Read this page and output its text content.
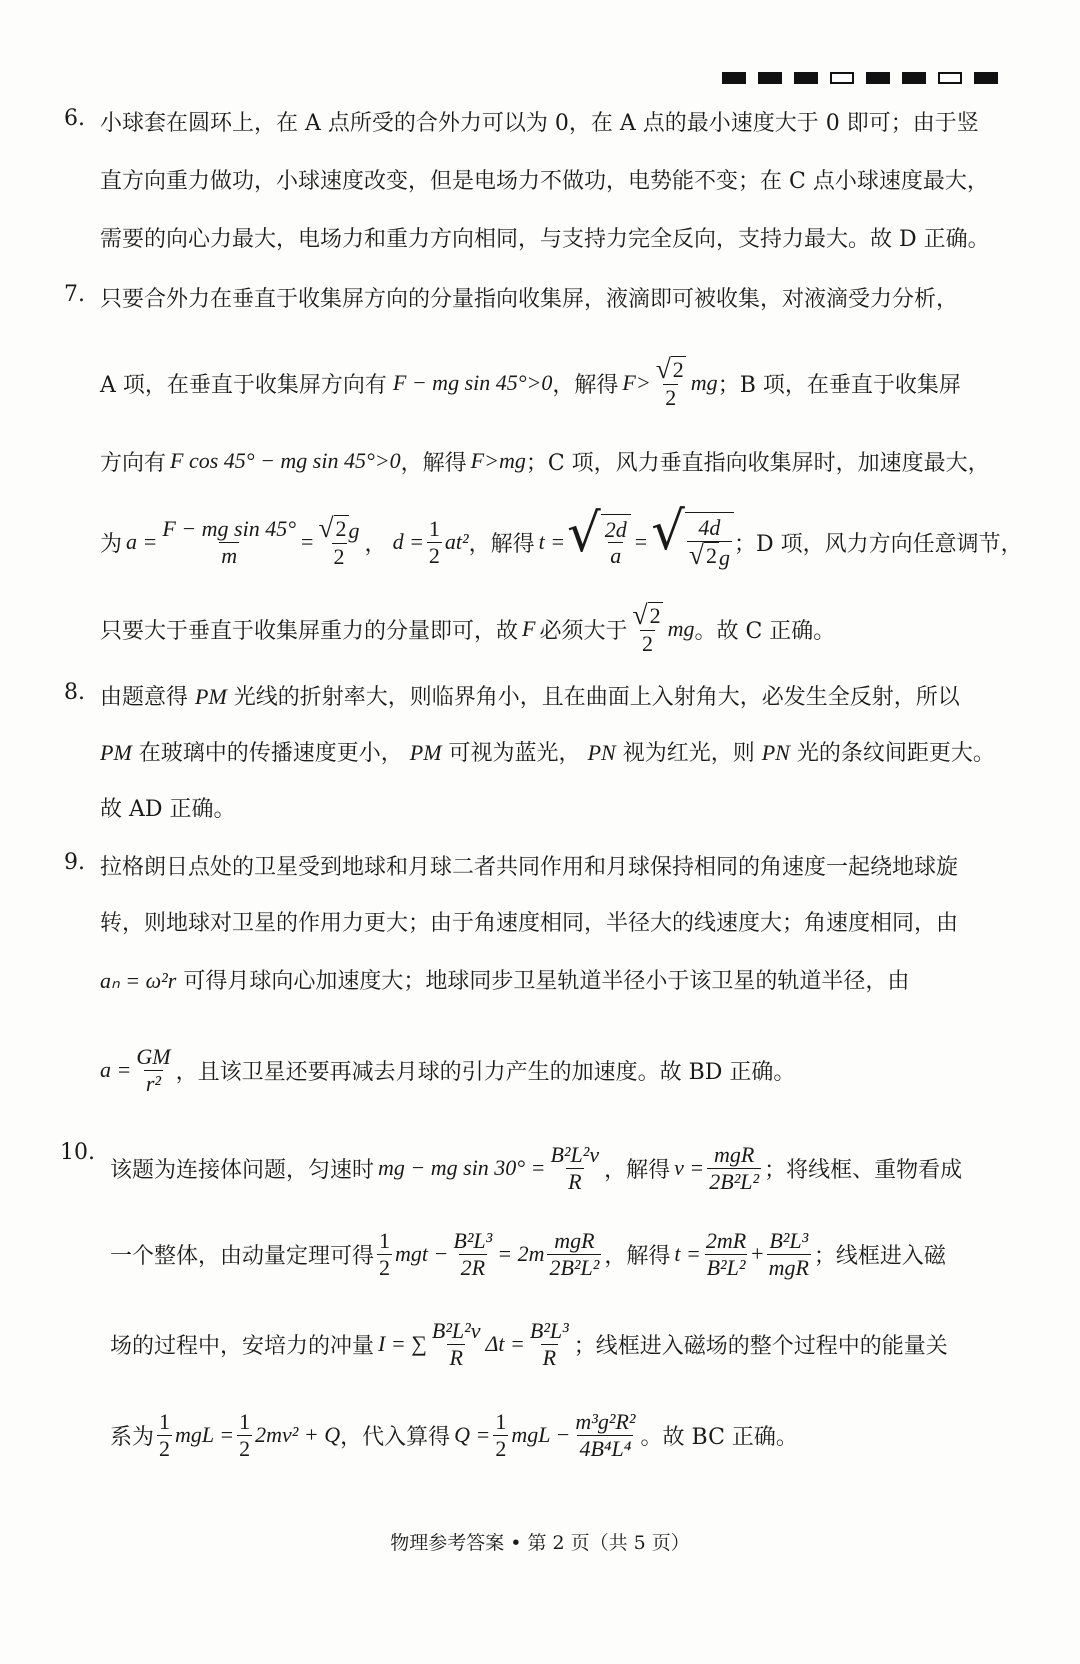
6. 小球套在圆环上，在 A 点所受的合外力可以为 0，在 A 点的最小速度大于 0 即可；由于竖
直方向重力做功，小球速度改变，但是电场力不做功，电势能不变；在 C 点小球速度最大，
需要的向心力最大，电场力和重力方向相同，与支持力完全反向，支持力最大。故 D 正确。
7. 只要合外力在垂直于收集屏方向的分量指向收集屏，液滴即可被收集，对液滴受力分析，
A 项，在垂直于收集屏方向有 F − mg sin 45°>0 ，解得 $F> \frac{√ 2}{2}$ mg ；B 项，在垂直于收集屏
方向有 F cos 45° − mg sin 45°>0 ，解得 F>mg ；C 项，风力垂直指向收集屏时，加速度最大，
为 $a = \frac{\text{F − mg sin 45°}}{m} = \frac{√ 2 g}{2}$ ， $d = \frac{1}{2} at^2$ ，解得 t = √ $\frac{2d}{a}$ = √ $\frac{4d}{√ 2 g}$ ；D 项，风力方向任意调节，
只要大于垂直于收集屏重力的分量即可，故 F 必须大于 $\frac{√ 2}{2}$ mg 。故 C 正确。
8. 由题意得 PM 光线的折射率大，则临界角小，且在曲面上入射角大，必发生全反射，所以
PM 在玻璃中的传播速度更小， PM 可视为蓝光， PN 视为红光，则 PN 光的条纹间距更大。
故 AD 正确。
9. 拉格朗日点处的卫星受到地球和月球二者共同作用和月球保持相同的角速度一起绕地球旋
转，则地球对卫星的作用力更大；由于角速度相同，半径大的线速度大；角速度相同，由
aₙ = ω²r 可得月球向心加速度大；地球同步卫星轨道半径小于该卫星的轨道半径，由
$a = \frac{GM}{\text{r²}}$ ，且该卫星还要再减去月球的引力产生的加速度。故 BD 正确。
10.
该题为连接体问题，匀速时 mg − mg $\sin 30^\circ = \frac{\text{B²L²v}}{R}$ ，解得 $v = \frac{\text{mgR}}{\text{2B²L²}}$ ；将线框、重物看成
一个整体，由动量定理可得 $\frac{1}{2}$ mgt − $\frac{\text{B²L³}}{2R} = 2m \frac{\text{mgR}}{\text{2B²L²}}$ ，解得 $t = \frac{2mR}{\text{B²L²}} + \frac{\text{B²L³}}{\text{mgR}}$ ；线框进入磁
场的过程中，安培力的冲量 I = ∑ $\frac{\text{B²L²v}}{R}$ $\Delta t = \frac{\text{B²L³}}{R}$ ；线框进入磁场的整个过程中的能量关
系为 $\frac{1}{2}$ mgL = $\frac{1}{2} 2mv^2 + Q$ ，代入算得 $Q = \frac{1}{2}$ mgL − $\frac{\text{m³g²R²}}{\text{4B⁴L⁴}}$ 。故 BC 正确。
物理参考答案 • 第 2 页（共 5 页）
